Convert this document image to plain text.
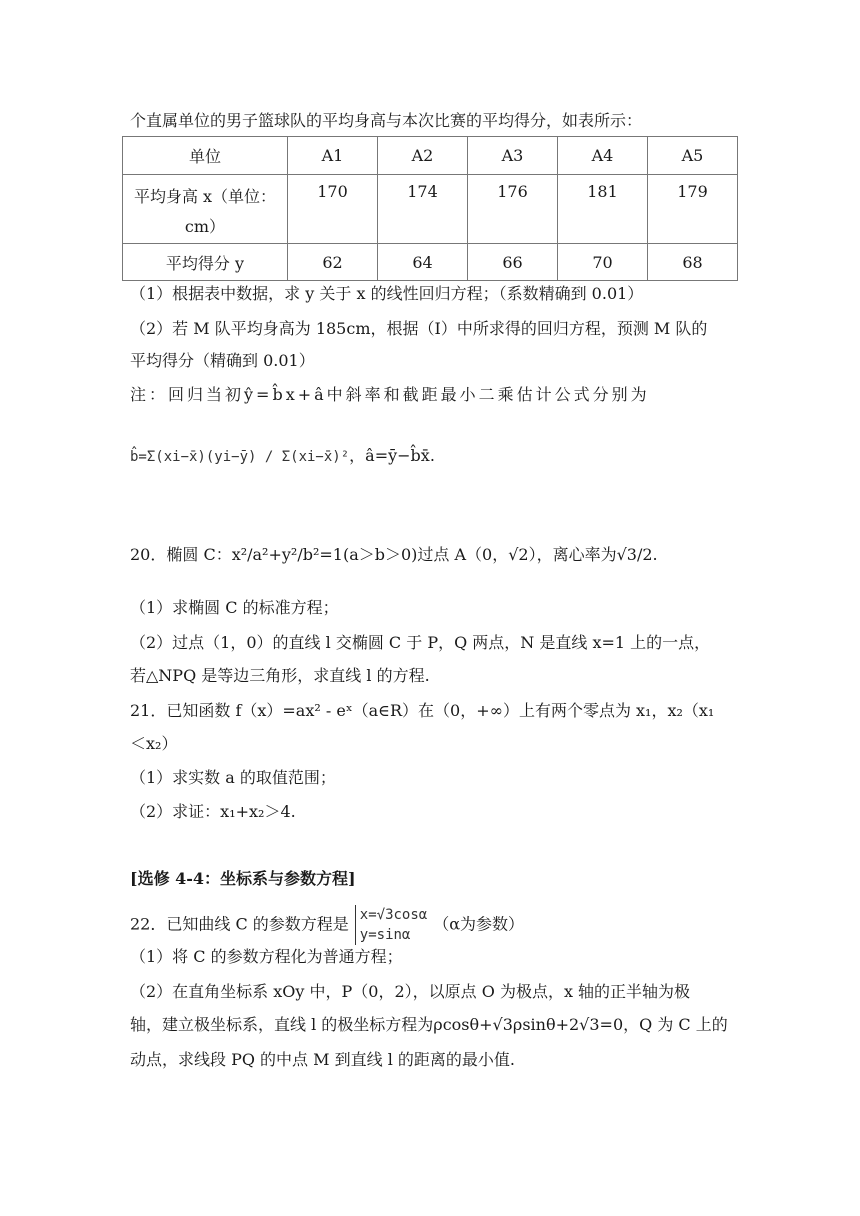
个直属单位的男子篮球队的平均身高与本次比赛的平均得分，如表所示：
单位	A1	A2	A3	A4	A5
平均身高 x（单位：cm）	170	174	176	181	179
平均得分 y	62	64	66	70	68
（1）根据表中数据，求 y 关于 x 的线性回归方程；（系数精确到 0.01）
（2）若 M 队平均身高为 185cm，根据（I）中所求得的回归方程，预测 M 队的
平均得分（精确到 0.01）
注：回归当初ŷ=b̂x+â中斜率和截距最小二乘估计公式分别为
b̂=Σ(xi−x̄)(yi−ȳ) / Σ(xi−x̄)²，â=ȳ−b̂x̄.
20．椭圆 C：x²/a²+y²/b²=1(a＞b＞0)过点 A（0，√2），离心率为√3/2.
（1）求椭圆 C 的标准方程；
（2）过点（1，0）的直线 l 交椭圆 C 于 P，Q 两点，N 是直线 x=1 上的一点，
若△NPQ 是等边三角形，求直线 l 的方程.
21．已知函数 f（x）=ax² - eˣ（a∈R）在（0，+∞）上有两个零点为 x₁，x₂（x₁
＜x₂）
（1）求实数 a 的取值范围；
（2）求证：x₁+x₂＞4.
[选修 4-4：坐标系与参数方程]
22．已知曲线 C 的参数方程是 x=√3cosα
y=sinα
（α为参数）
（1）将 C 的参数方程化为普通方程；
（2）在直角坐标系 xOy 中，P（0，2），以原点 O 为极点，x 轴的正半轴为极
轴，建立极坐标系，直线 l 的极坐标方程为ρcosθ+√3ρsinθ+2√3=0，Q 为 C 上的
动点，求线段 PQ 的中点 M 到直线 l 的距离的最小值.
